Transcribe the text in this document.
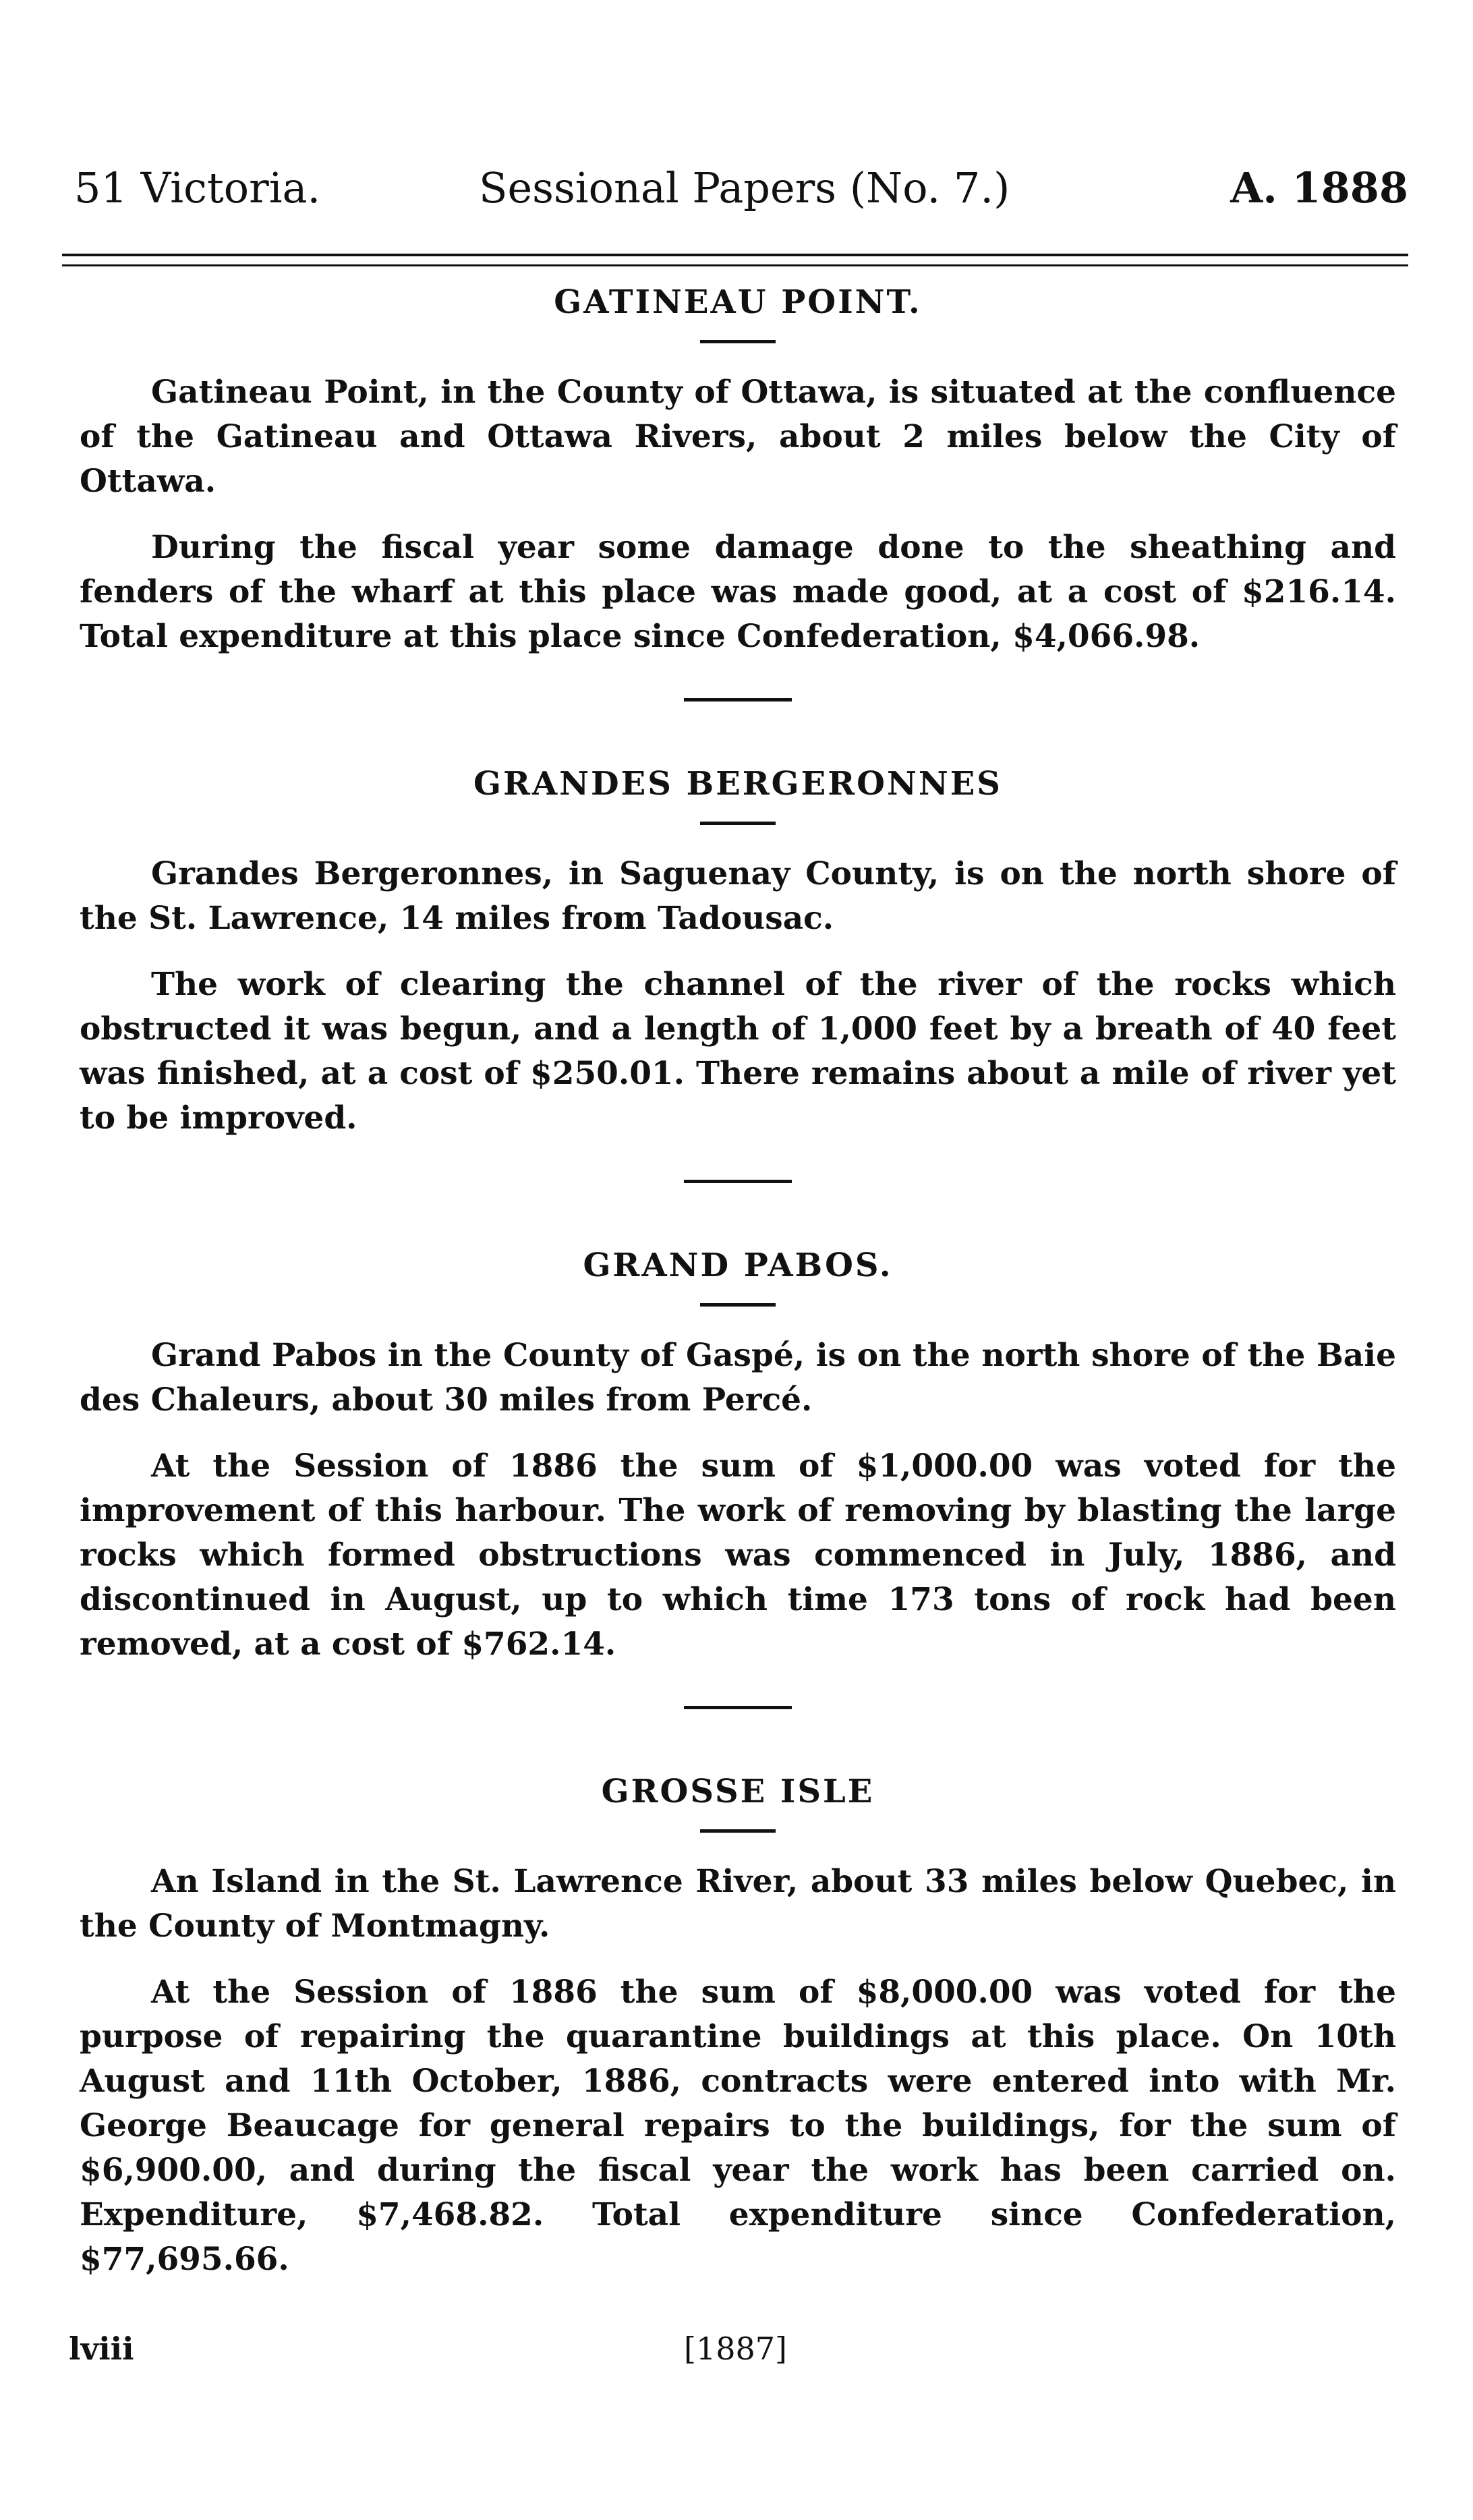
51 Victoria.	Sessional Papers (No. 7.)	A. 1888
GATINEAU POINT.

Gatineau Point, in the County of Ottawa, is situated at the confluence of the Gatineau and Ottawa Rivers, about 2 miles below the City of Ottawa.

During the fiscal year some damage done to the sheathing and fenders of the wharf at this place was made good, at a cost of $216.14. Total expenditure at this place since Confederation, $4,066.98.

GRANDES BERGERONNES

Grandes Bergeronnes, in Saguenay County, is on the north shore of the St. Lawrence, 14 miles from Tadousac.

The work of clearing the channel of the river of the rocks which obstructed it was begun, and a length of 1,000 feet by a breath of 40 feet was finished, at a cost of $250.01. There remains about a mile of river yet to be improved.

GRAND PABOS.

Grand Pabos in the County of Gaspé, is on the north shore of the Baie des Chaleurs, about 30 miles from Percé.

At the Session of 1886 the sum of $1,000.00 was voted for the improvement of this harbour. The work of removing by blasting the large rocks which formed obstructions was commenced in July, 1886, and discontinued in August, up to which time 173 tons of rock had been removed, at a cost of $762.14.

GROSSE ISLE

An Island in the St. Lawrence River, about 33 miles below Quebec, in the County of Montmagny.

At the Session of 1886 the sum of $8,000.00 was voted for the purpose of repairing the quarantine buildings at this place. On 10th August and 11th October, 1886, contracts were entered into with Mr. George Beaucage for general repairs to the buildings, for the sum of $6,900.00, and during the fiscal year the work has been carried on. Expenditure, $7,468.82. Total expenditure since Confederation, $77,695.66.

lviii	[1887]
